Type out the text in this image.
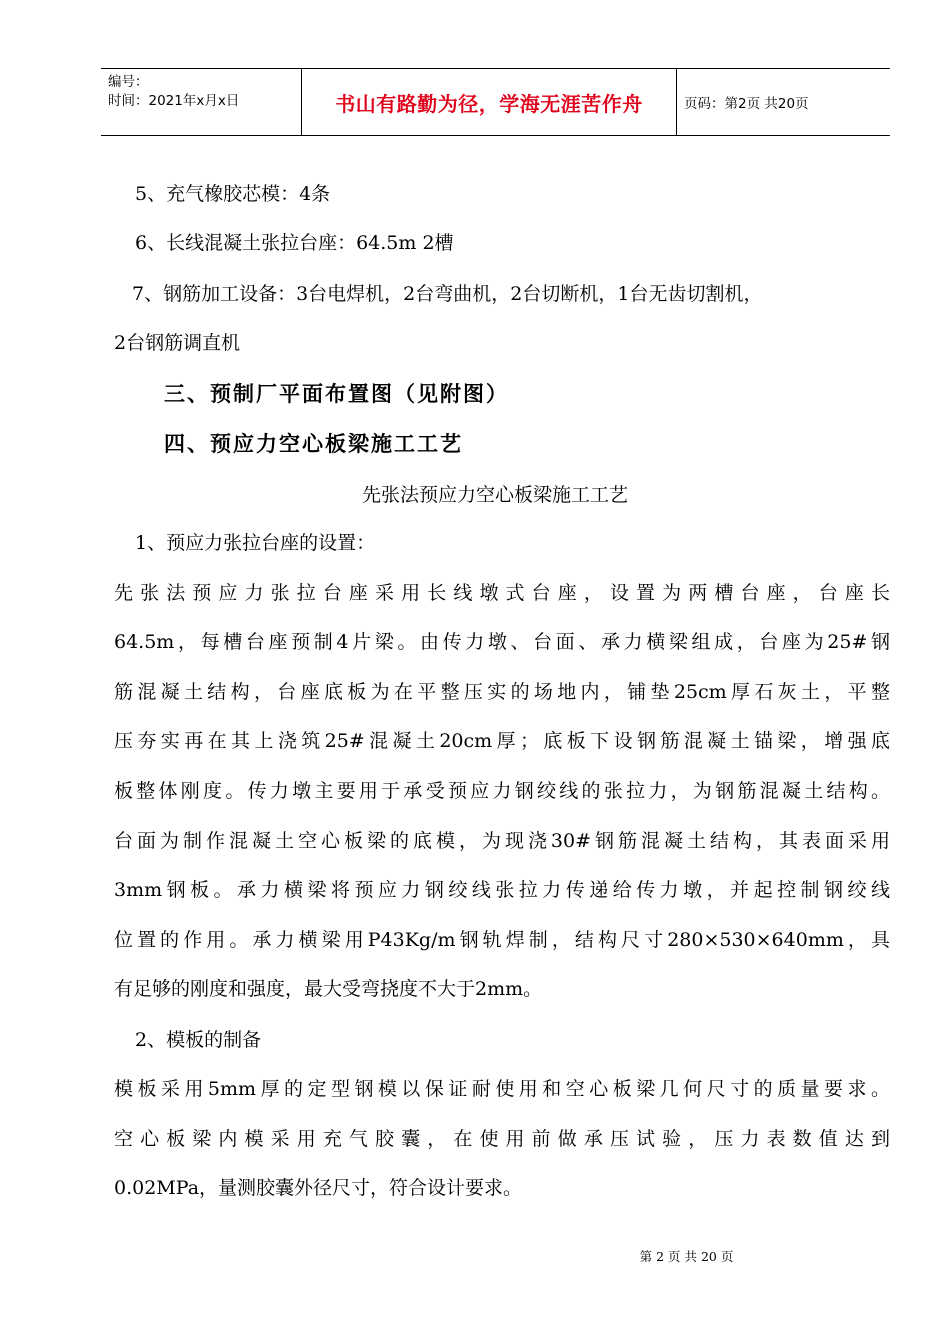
编号：
时间：2021年x月x日	书山有路勤为径，学海无涯苦作舟	页码：第2页 共20页
5、充气橡胶芯模：4条
6、长线混凝土张拉台座：64.5m 2槽
7、钢筋加工设备：3台电焊机，2台弯曲机，2台切断机，1台无齿切割机，
2台钢筋调直机
三、预制厂平面布置图（见附图）
四、预应力空心板梁施工工艺
先张法预应力空心板梁施工工艺
1、预应力张拉台座的设置：
先张法预应力张拉台座采用长线墩式台座，设置为两槽台座，台座长
64.5m，每槽台座预制4片梁。由传力墩、台面、承力横梁组成，台座为25#钢
筋混凝土结构，台座底板为在平整压实的场地内，铺垫25cm厚石灰土，平整
压夯实再在其上浇筑25#混凝土20cm厚；底板下设钢筋混凝土锚梁，增强底
板整体刚度。传力墩主要用于承受预应力钢绞线的张拉力，为钢筋混凝土结构。
台面为制作混凝土空心板梁的底模，为现浇30#钢筋混凝土结构，其表面采用
3mm钢板。承力横梁将预应力钢绞线张拉力传递给传力墩，并起控制钢绞线
位置的作用。承力横梁用P43Kg/m钢轨焊制，结构尺寸280×530×640mm，具
有足够的刚度和强度，最大受弯挠度不大于2mm。
2、模板的制备
模板采用5mm厚的定型钢模以保证耐使用和空心板梁几何尺寸的质量要求。
空心板梁内模采用充气胶囊，在使用前做承压试验，压力表数值达到
0.02MPa，量测胶囊外径尺寸，符合设计要求。
第 2 页 共 20 页
